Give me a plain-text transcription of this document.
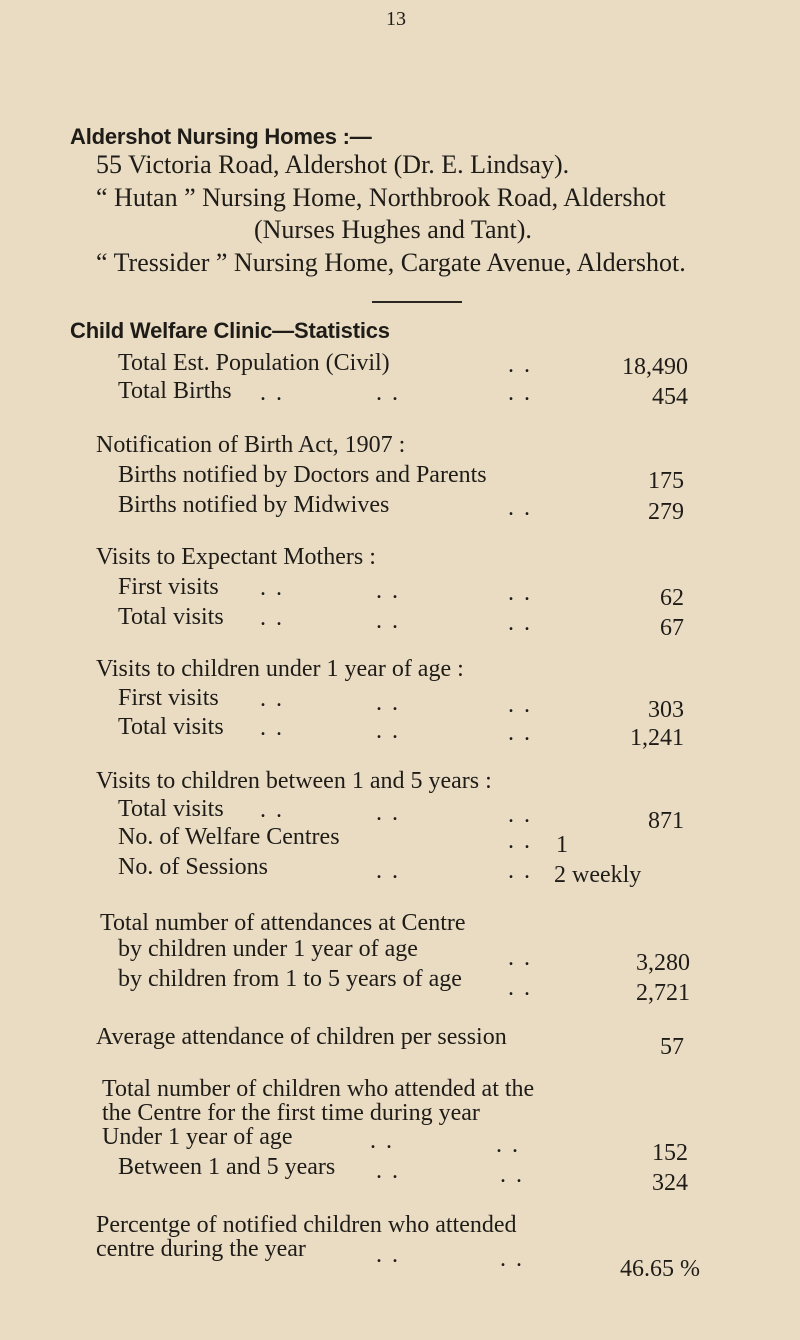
13
Aldershot Nursing Homes :—
55 Victoria Road, Aldershot (Dr. E. Lindsay).
“ Hutan ” Nursing Home, Northbrook Road, Aldershot
(Nurses Hughes and Tant).
“ Tressider ” Nursing Home, Cargate Avenue, Aldershot.
Child Welfare Clinic—Statistics
Total Est. Population (Civil)	. .	18,490
Total Births . .	. .	. .	454
Notification of Birth Act, 1907 :
Births notified by Doctors and Parents	175
Births notified by Midwives	. .	279
Visits to Expectant Mothers :
First visits . .	. .	. .	62
Total visits . .	. .	. .	67
Visits to children under 1 year of age :
First visits . .	. .	. .	303
Total visits . .	. .	. .	1,241
Visits to children between 1 and 5 years :
Total visits . .	. .	. .	871
No. of Welfare Centres	. . 1
No. of Sessions	. .	. . 2 weekly
Total number of attendances at Centre
by children under 1 year of age	. .	3,280
by children from 1 to 5 years of age . .	2,721
Average attendance of children per session	57
Total number of children who attended at the
the Centre for the first time during year
Under 1 year of age	. .	. .	152
Between 1 and 5 years . .	. .	324
Percentge of notified children who attended
centre during the year	. .	. .	46.65 %
